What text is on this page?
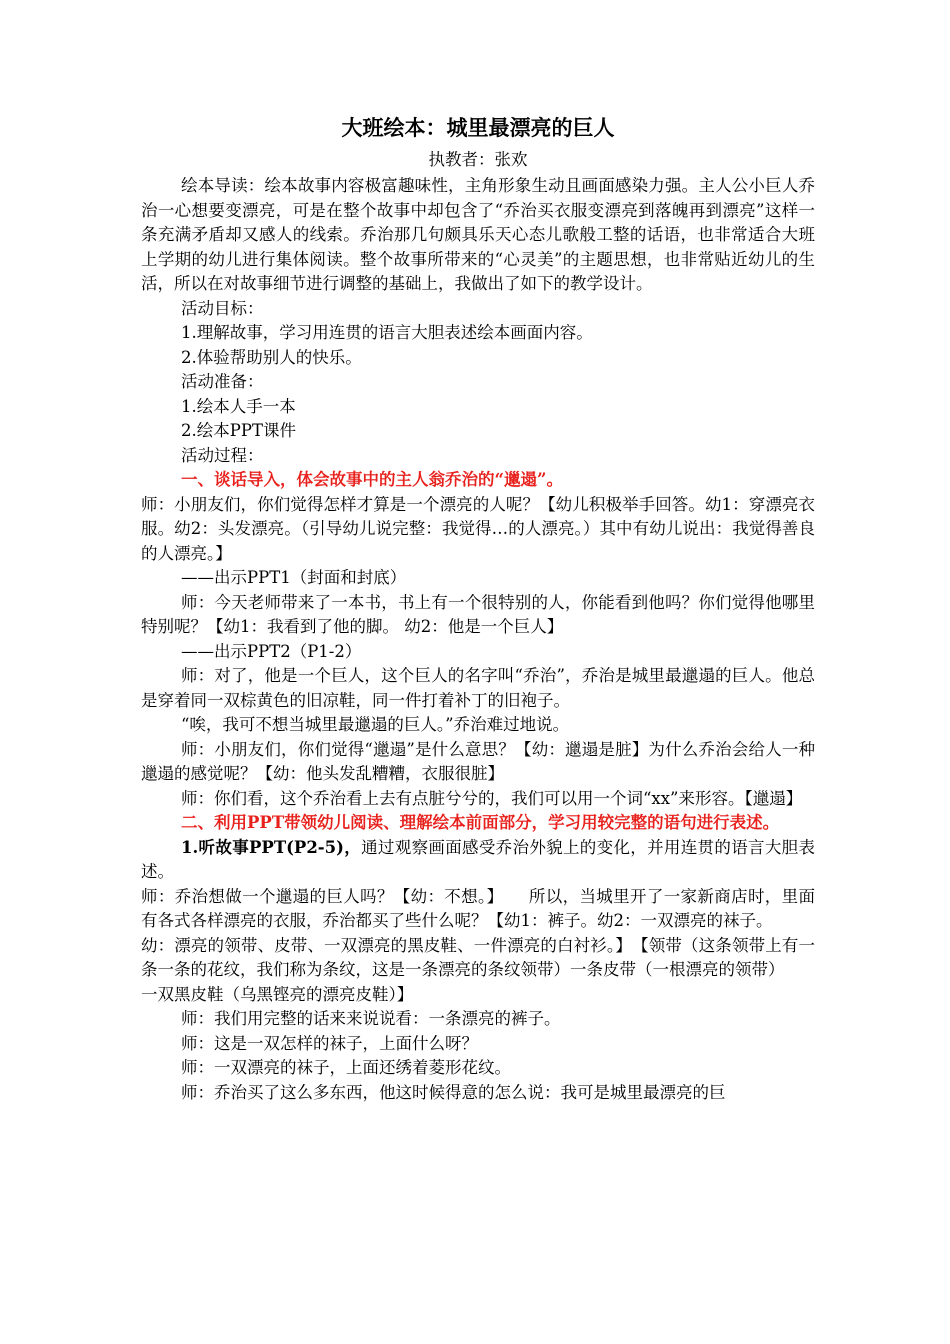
大班绘本：城里最漂亮的巨人
执教者：张欢

绘本导读：绘本故事内容极富趣味性，主角形象生动且画面感染力强。主人公小巨人乔治一心想要变漂亮，可是在整个故事中却包含了“乔治买衣服变漂亮到落魄再到漂亮”这样一条充满矛盾却又感人的线索。乔治那几句颇具乐天心态儿歌般工整的话语，也非常适合大班上学期的幼儿进行集体阅读。整个故事所带来的“心灵美”的主题思想，也非常贴近幼儿的生活，所以在对故事细节进行调整的基础上，我做出了如下的教学设计。

活动目标：

1.理解故事，学习用连贯的语言大胆表述绘本画面内容。

2.体验帮助别人的快乐。

活动准备：

1.绘本人手一本

2.绘本PPT课件

活动过程：

一、谈话导入，体会故事中的主人翁乔治的“邋遢”。

师：小朋友们，你们觉得怎样才算是一个漂亮的人呢？【幼儿积极举手回答。幼1：穿漂亮衣服。幼2：头发漂亮。（引导幼儿说完整：我觉得…的人漂亮。）其中有幼儿说出：我觉得善良的人漂亮。】

——出示PPT1（封面和封底）

师：今天老师带来了一本书，书上有一个很特别的人，你能看到他吗？你们觉得他哪里特别呢？【幼1：我看到了他的脚。 幼2：他是一个巨人】

——出示PPT2（P1-2）

师：对了，他是一个巨人，这个巨人的名字叫“乔治”，乔治是城里最邋遢的巨人。他总是穿着同一双棕黄色的旧凉鞋，同一件打着补丁的旧袍子。

“唉，我可不想当城里最邋遢的巨人。”乔治难过地说。

师：小朋友们，你们觉得“邋遢”是什么意思？【幼：邋遢是脏】为什么乔治会给人一种邋遢的感觉呢？【幼：他头发乱糟糟，衣服很脏】

师：你们看，这个乔治看上去有点脏兮兮的，我们可以用一个词“xx”来形容。【邋遢】

二、利用PPT带领幼儿阅读、理解绘本前面部分，学习用较完整的语句进行表述。

1.听故事PPT(P2-5)，通过观察画面感受乔治外貌上的变化，并用连贯的语言大胆表述。

师：乔治想做一个邋遢的巨人吗？【幼：不想。】　　所以，当城里开了一家新商店时，里面有各式各样漂亮的衣服，乔治都买了些什么呢？【幼1：裤子。幼2：一双漂亮的袜子。

幼：漂亮的领带、皮带、一双漂亮的黑皮鞋、一件漂亮的白衬衫。】　【领带（这条领带上有一条一条的花纹，我们称为条纹，这是一条漂亮的条纹领带）一条皮带（一根漂亮的领带）

一双黑皮鞋（乌黑铿亮的漂亮皮鞋）】

师：我们用完整的话来来说说看：一条漂亮的裤子。

师：这是一双怎样的袜子，上面什么呀？

师：一双漂亮的袜子，上面还绣着菱形花纹。

师：乔治买了这么多东西，他这时候得意的怎么说：我可是城里最漂亮的巨
